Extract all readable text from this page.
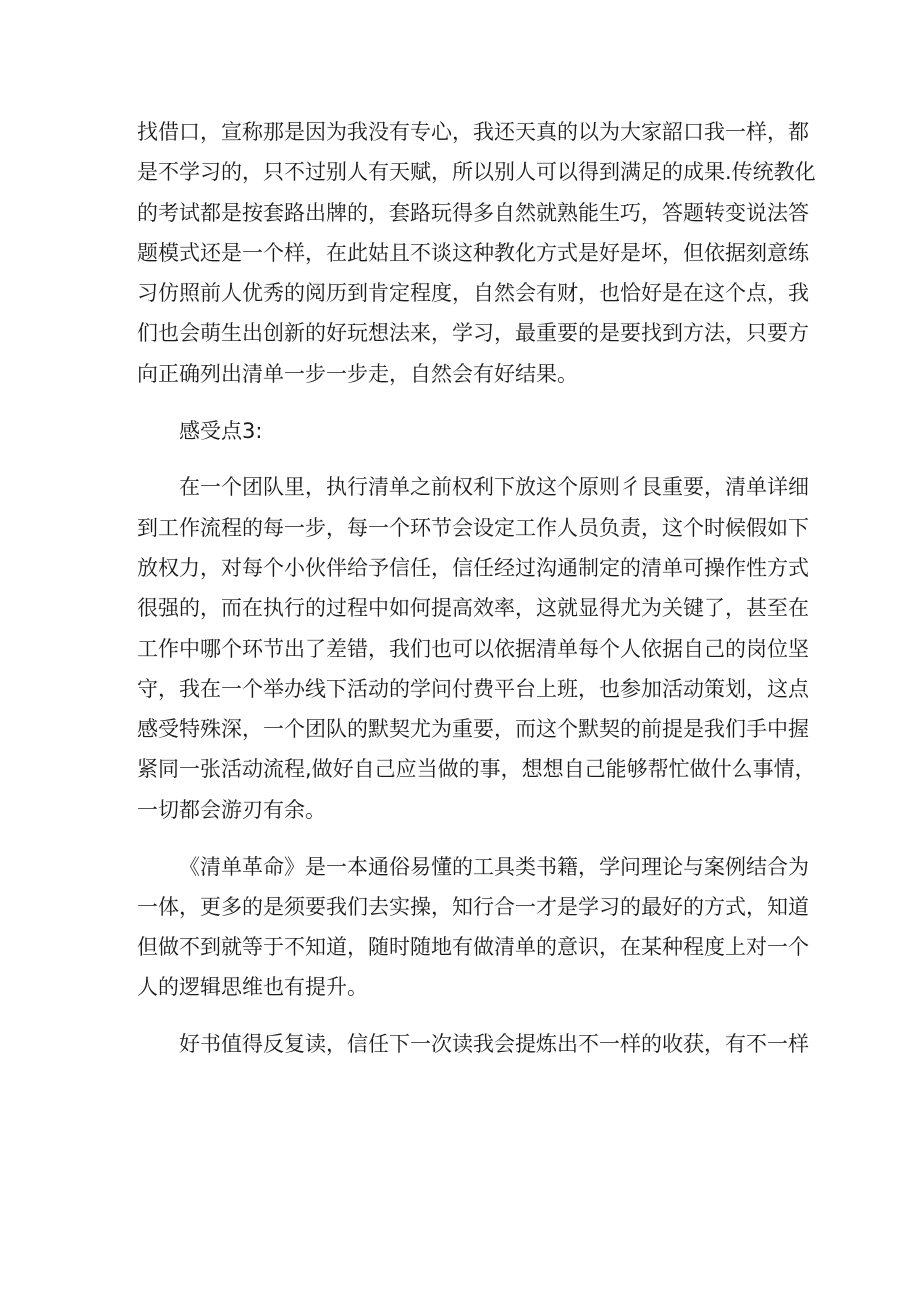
找借口，宣称那是因为我没有专心，我还天真的以为大家韶口我一样，都
是不学习的，只不过别人有天赋，所以别人可以得到满足的成果.传统教化
的考试都是按套路出牌的，套路玩得多自然就熟能生巧，答题转变说法答
题模式还是一个样，在此姑且不谈这种教化方式是好是坏，但依据刻意练
习仿照前人优秀的阅历到肯定程度，自然会有财，也恰好是在这个点，我
们也会萌生出创新的好玩想法来，学习，最重要的是要找到方法，只要方
向正确列出清单一步一步走，自然会有好结果。

感受点3:

在一个团队里，执行清单之前权利下放这个原则彳艮重要，清单详细
到工作流程的每一步，每一个环节会设定工作人员负责，这个时候假如下
放权力，对每个小伙伴给予信任，信任经过沟通制定的清单可操作性方式
很强的，而在执行的过程中如何提高效率，这就显得尤为关键了，甚至在
工作中哪个环节出了差错，我们也可以依据清单每个人依据自己的岗位坚
守，我在一个举办线下活动的学问付费平台上班，也参加活动策划，这点
感受特殊深，一个团队的默契尤为重要，而这个默契的前提是我们手中握
紧同一张活动流程,做好自己应当做的事，想想自己能够帮忙做什么事情，
一切都会游刃有余。

《清单革命》是一本通俗易懂的工具类书籍，学问理论与案例结合为
一体，更多的是须要我们去实操，知行合一才是学习的最好的方式，知道
但做不到就等于不知道，随时随地有做清单的意识，在某种程度上对一个
人的逻辑思维也有提升。

好书值得反复读，信任下一次读我会提炼出不一样的收获，有不一样
